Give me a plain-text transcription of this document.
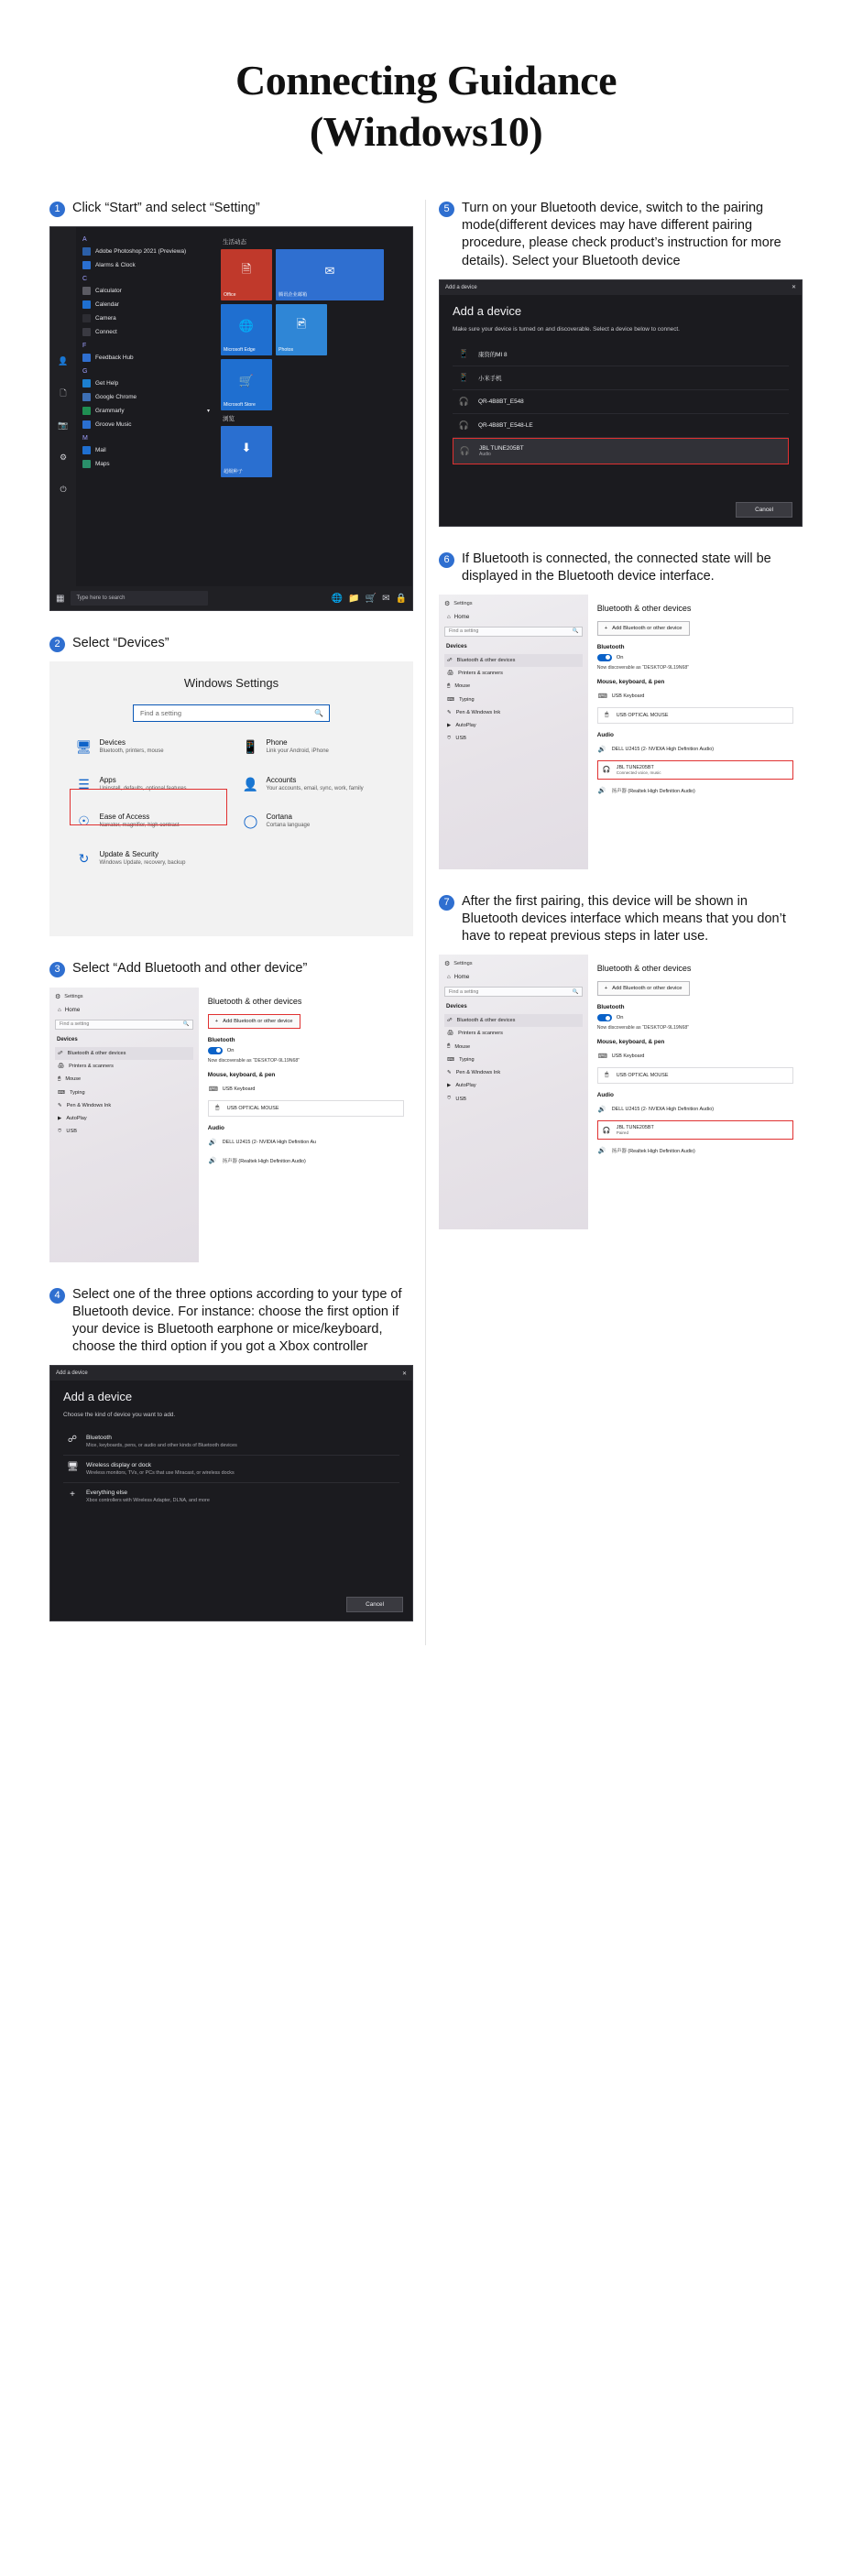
Connecting Guidance
(Windows10)
1 Click “Start” and select “Setting”
👤
🗋
📷
⚙
⏻
A
Adobe Photoshop 2021 (Previewa)
Alarms & Clock
C
Calculator
Calendar
Camera
Connect
F
Feedback Hub
G
Get Help
Google Chrome
Grammarly	▾
Groove Music
M
Mail
Maps
生活动态
🗎
Office
✉
腾讯企业邮箱
🌐
Microsoft Edge
🖻
Photos
🛒
Microsoft Store
浏览
⬇
超级种子
▦	Type here to search	🌐 📁 🛒 ✉ 🔒
2 Select “Devices”
Windows Settings
Find a setting	🔍
🖥 Devices
Bluetooth, printers, mouse	📱 Phone
Link your Android, iPhone
☰	Apps
Uninstall, defaults, optional features	👤 Accounts
Your accounts, email, sync, work, family
☉	Ease of Access
Narrator, magnifier, high contrast	◯ Cortana
Cortana language
↻	Update & Security
Windows Update, recovery, backup
3 Select “Add Bluetooth and other device”
⚙ Settings
⌂ Home
Find a setting	🔍
Devices
☍ Bluetooth & other devices
🖨 Printers & scanners
🖱 Mouse
⌨ Typing
✎ Pen & Windows Ink
▶ AutoPlay
⎏ USB
Bluetooth & other devices
+ Add Bluetooth or other device
Bluetooth
On
Now discoverable as “DESKTOP-9L19N68”
Mouse, keyboard, & pen
⌨ USB Keyboard
🖱	USB OPTICAL MOUSE
Audio
🔊 DELL U2415 (2- NVIDIA High Definition Au
🔊 扬声器 (Realtek High Definition Audio)
4 Select one of the three options according to your type of Bluetooth device. For instance: choose the first option if your device is Bluetooth earphone or mice/keyboard, choose the third option if you got a Xbox controller
Add a device	✕
Add a device
Choose the kind of device you want to add.
☍ Bluetooth
Mice, keyboards, pens, or audio and other kinds of Bluetooth devices
🖥 Wireless display or dock
Wireless monitors, TVs, or PCs that use Miracast, or wireless docks
+	Everything else
Xbox controllers with Wireless Adapter, DLNA, and more
Cancel
5 Turn on your Bluetooth device, switch to the pairing mode(different devices may have different pairing procedure, please check product’s instruction for more details). Select your Bluetooth device
Add a device	✕
Add a device
Make sure your device is turned on and discoverable. Select a device below to connect.
📱 康资的MI 8
📱 小米手机
🎧 QR-4B8BT_E548
🎧 QR-4B8BT_E548-LE
🎧 JBL TUNE205BT
Audio
Cancel
6 If Bluetooth is connected, the connected state will be displayed in the Bluetooth device interface.
⚙ Settings
⌂ Home
Find a setting	🔍
Devices
☍ Bluetooth & other devices
🖨 Printers & scanners
🖱 Mouse
⌨ Typing
✎ Pen & Windows Ink
▶ AutoPlay
⎏ USB
Bluetooth & other devices
+ Add Bluetooth or other device
Bluetooth
On
Now discoverable as “DESKTOP-9L19N68”
Mouse, keyboard, & pen
⌨ USB Keyboard
🖱	USB OPTICAL MOUSE
Audio
🔊 DELL U2415 (2- NVIDIA High Definition Audio)
🎧 JBL TUNE205BT
Connected voice, music
🔊 扬声器 (Realtek High Definition Audio)
7 After the first pairing, this device will be shown in Bluetooth devices interface which means that you don’t have to repeat previous steps in later use.
⚙ Settings
⌂ Home
Find a setting	🔍
Devices
☍ Bluetooth & other devices
🖨 Printers & scanners
🖱 Mouse
⌨ Typing
✎ Pen & Windows Ink
▶ AutoPlay
⎏ USB
Bluetooth & other devices
+ Add Bluetooth or other device
Bluetooth
On
Now discoverable as “DESKTOP-9L19N68”
Mouse, keyboard, & pen
⌨ USB Keyboard
🖱	USB OPTICAL MOUSE
Audio
🔊 DELL U2415 (2- NVIDIA High Definition Audio)
🎧 JBL TUNE205BT
Paired
🔊 扬声器 (Realtek High Definition Audio)
